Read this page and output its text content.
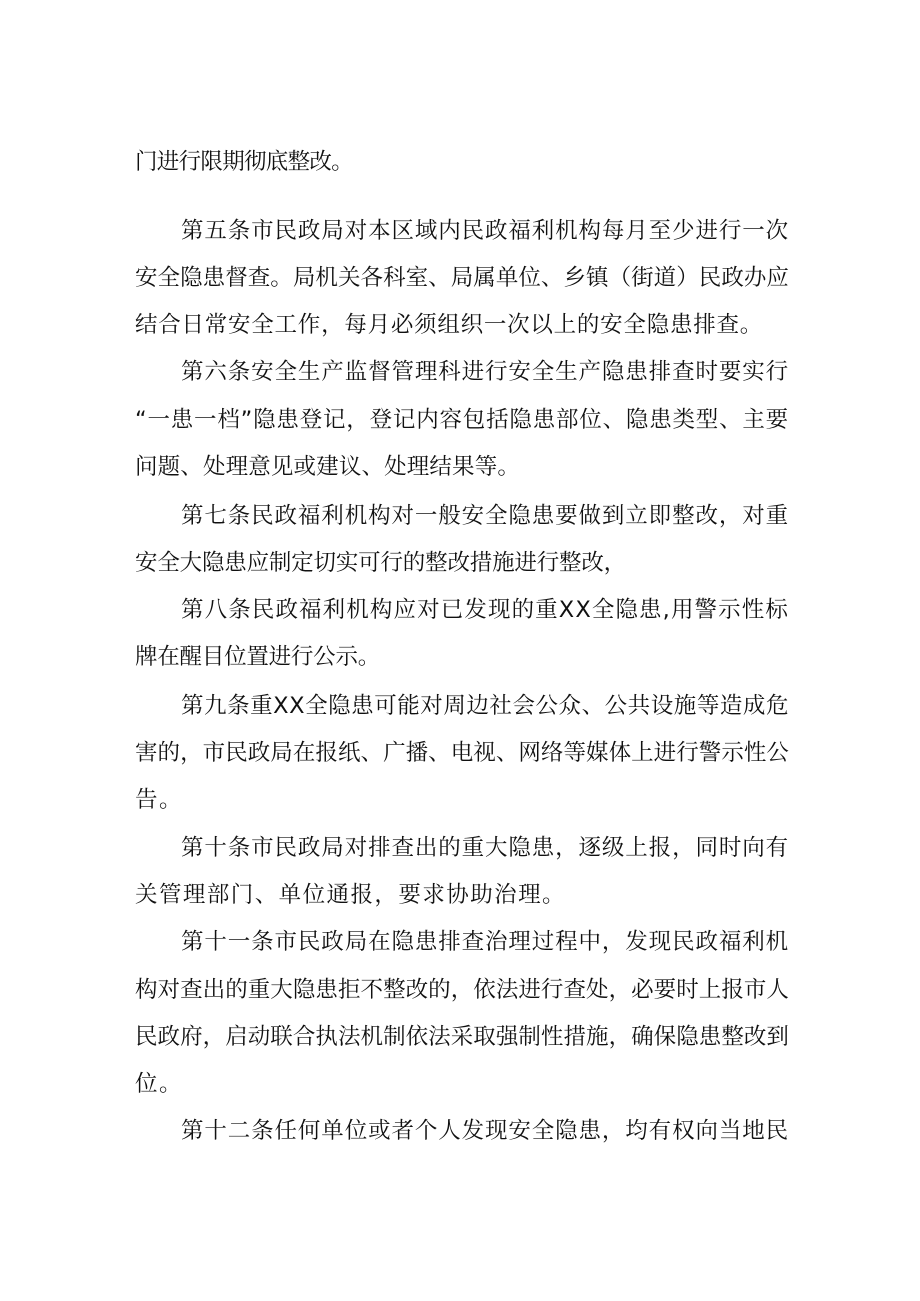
门进行限期彻底整改。

第五条市民政局对本区域内民政福利机构每月至少进行一次

安全隐患督查。局机关各科室、局属单位、乡镇（街道）民政办应

结合日常安全工作，每月必须组织一次以上的安全隐患排查。

第六条安全生产监督管理科进行安全生产隐患排查时要实行

“一患一档”隐患登记，登记内容包括隐患部位、隐患类型、主要

问题、处理意见或建议、处理结果等。

第七条民政福利机构对一般安全隐患要做到立即整改，对重

安全大隐患应制定切实可行的整改措施进行整改，

第八条民政福利机构应对已发现的重XX全隐患,用警示性标

牌在醒目位置进行公示。

第九条重XX全隐患可能对周边社会公众、公共设施等造成危

害的，市民政局在报纸、广播、电视、网络等媒体上进行警示性公

告。

第十条市民政局对排查出的重大隐患，逐级上报，同时向有

关管理部门、单位通报，要求协助治理。

第十一条市民政局在隐患排查治理过程中，发现民政福利机

构对查出的重大隐患拒不整改的，依法进行查处，必要时上报市人

民政府，启动联合执法机制依法采取强制性措施，确保隐患整改到

位。

第十二条任何单位或者个人发现安全隐患，均有权向当地民
